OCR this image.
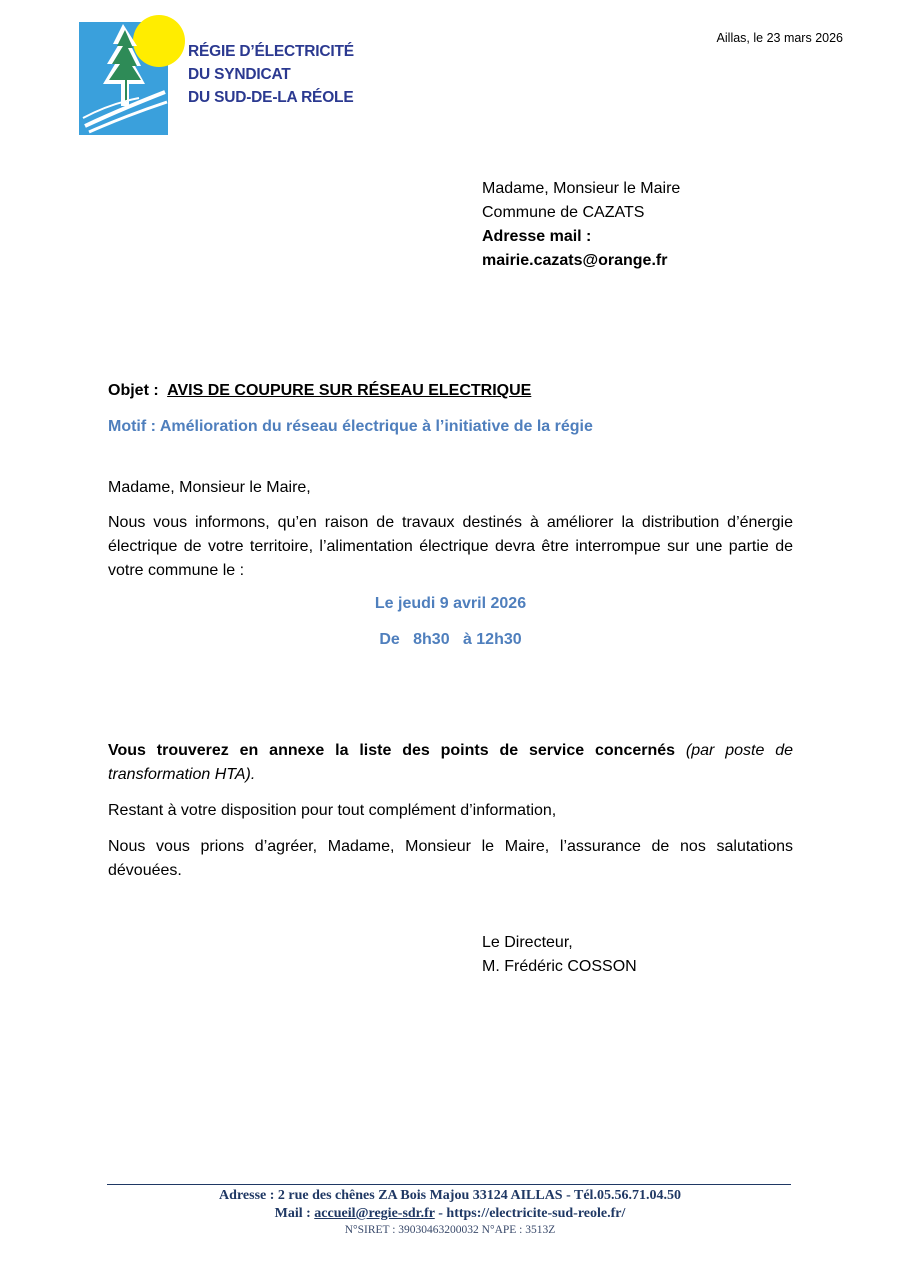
RÉGIE D’ÉLECTRICITÉ
DU SYNDICAT
DU SUD-DE-LA RÉOLE
Aillas, le 23 mars 2026
Madame, Monsieur le Maire
Commune de CAZATS
Adresse mail :
mairie.cazats@orange.fr
Objet : AVIS DE COUPURE SUR RÉSEAU ELECTRIQUE
Motif : Amélioration du réseau électrique à l’initiative de la régie
Madame, Monsieur le Maire,
Nous vous informons, qu’en raison de travaux destinés à améliorer la distribution d’énergie électrique de votre territoire, l’alimentation électrique devra être interrompue sur une partie de votre commune le :
Le jeudi 9 avril 2026
De   8h30   à 12h30
Vous trouverez en annexe la liste des points de service concernés (par poste de transformation HTA).
Restant à votre disposition pour tout complément d’information,
Nous vous prions d’agréer, Madame, Monsieur le Maire, l’assurance de nos salutations dévouées.
Le Directeur,
M. Frédéric COSSON
Adresse : 2 rue des chênes ZA Bois Majou 33124 AILLAS - Tél.05.56.71.04.50
Mail : accueil@regie-sdr.fr - https://electricite-sud-reole.fr/
N°SIRET : 39030463200032 N°APE : 3513Z
